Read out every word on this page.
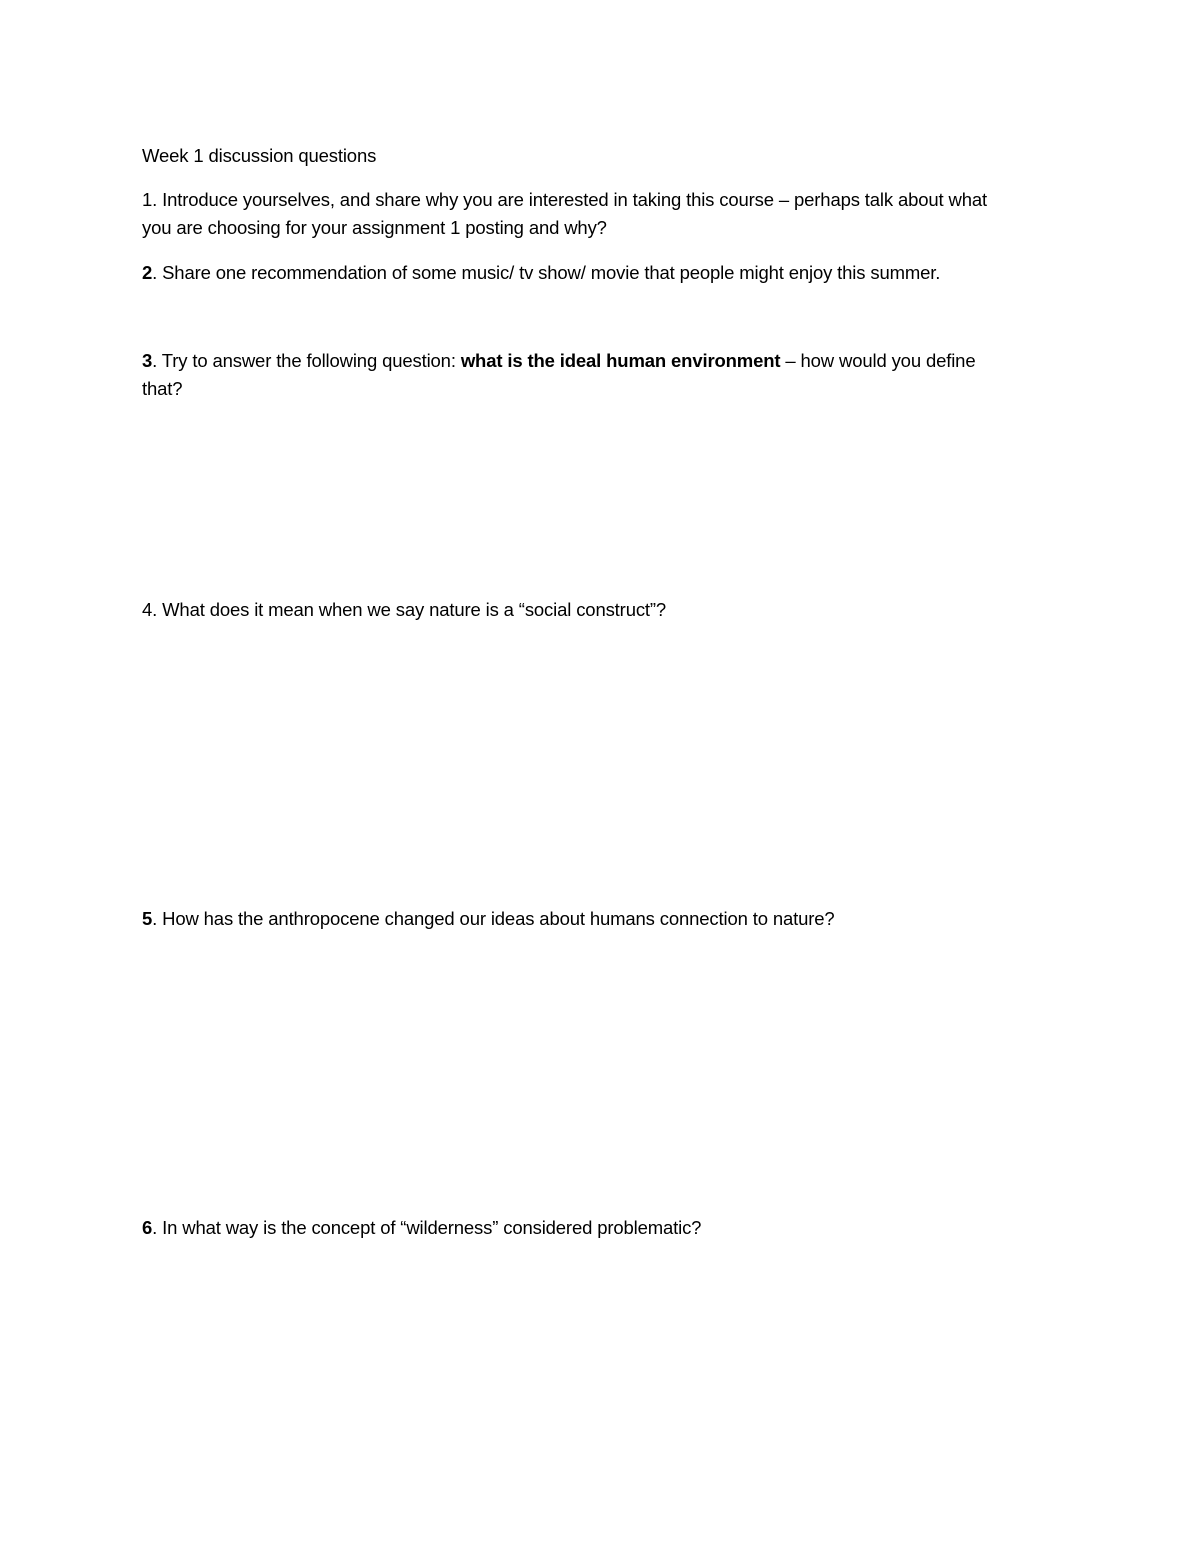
Week 1 discussion questions
1. Introduce yourselves, and share why you are interested in taking this course – perhaps talk about what
you are choosing for your assignment 1 posting and why?
2. Share one recommendation of some music/ tv show/ movie that people might enjoy this summer.
3. Try to answer the following question: what is the ideal human environment – how would you define
that?
4. What does it mean when we say nature is a “social construct”?
5. How has the anthropocene changed our ideas about humans connection to nature?
6. In what way is the concept of “wilderness” considered problematic?
